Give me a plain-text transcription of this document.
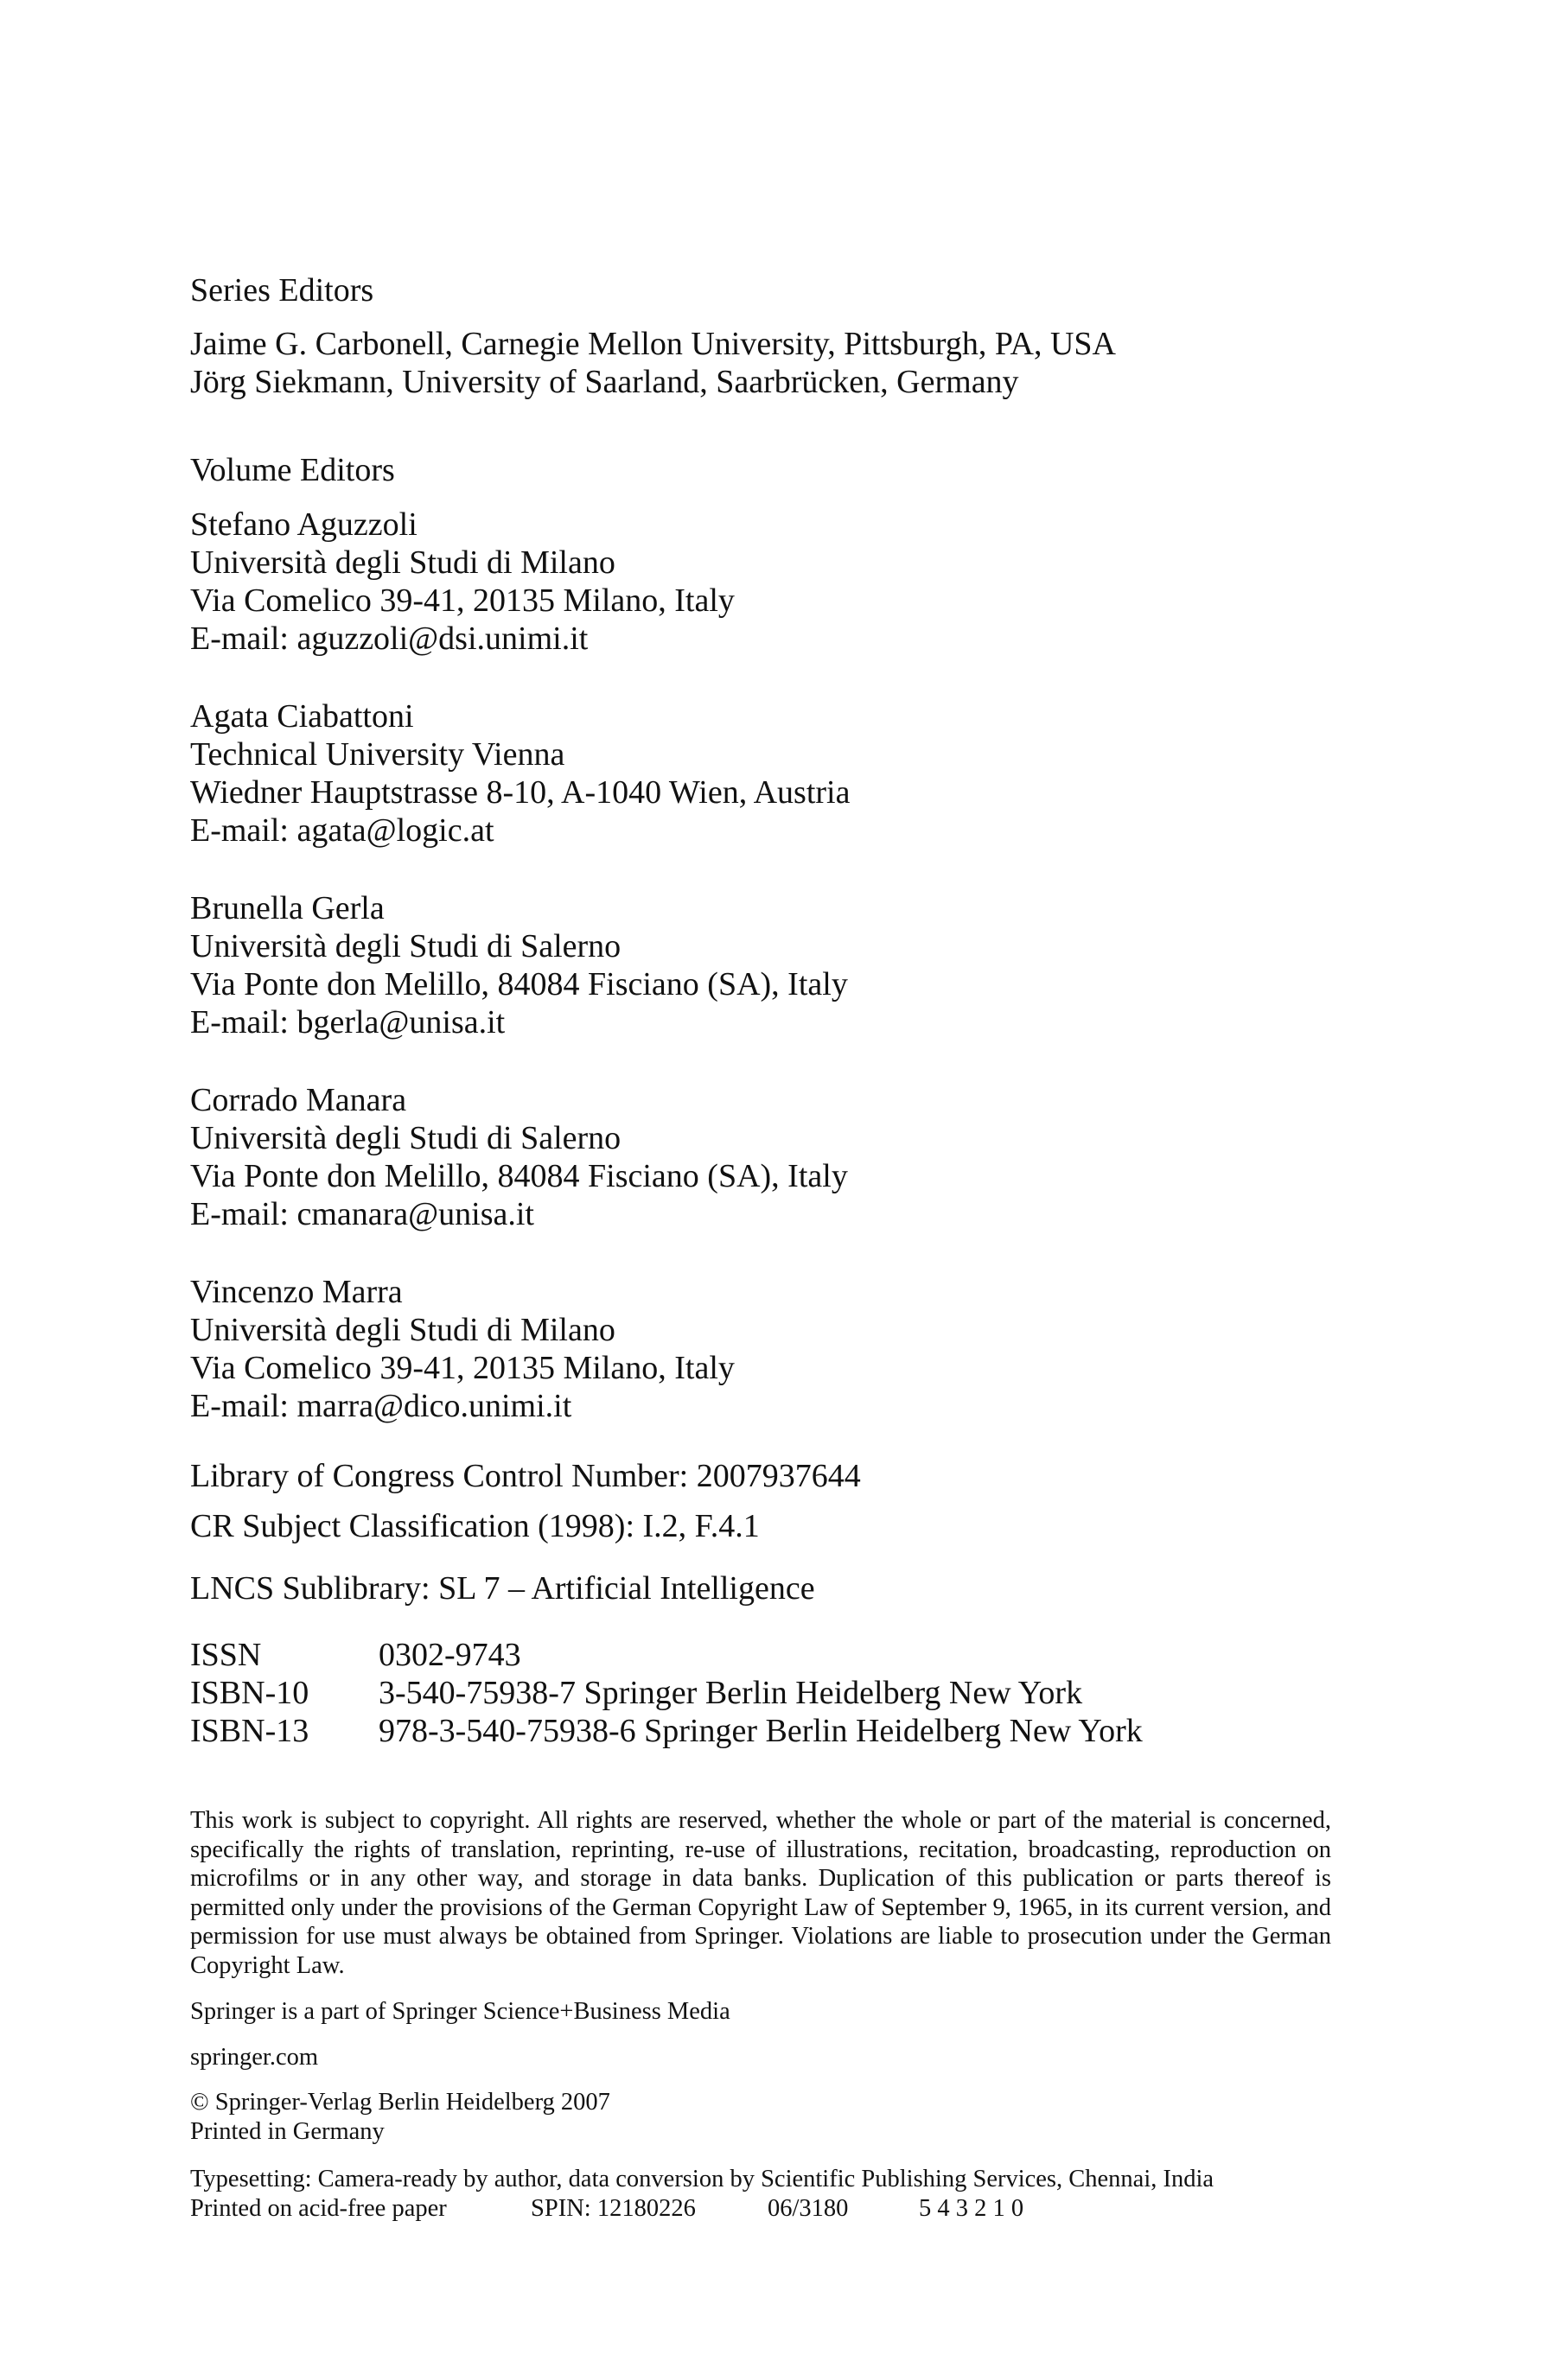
Series Editors
Jaime G. Carbonell, Carnegie Mellon University, Pittsburgh, PA, USA
Jörg Siekmann, University of Saarland, Saarbrücken, Germany
Volume Editors
Stefano Aguzzoli
Università degli Studi di Milano
Via Comelico 39-41, 20135 Milano, Italy
E-mail: aguzzoli@dsi.unimi.it
Agata Ciabattoni
Technical University Vienna
Wiedner Hauptstrasse 8-10, A-1040 Wien, Austria
E-mail: agata@logic.at
Brunella Gerla
Università degli Studi di Salerno
Via Ponte don Melillo, 84084 Fisciano (SA), Italy
E-mail: bgerla@unisa.it
Corrado Manara
Università degli Studi di Salerno
Via Ponte don Melillo, 84084 Fisciano (SA), Italy
E-mail: cmanara@unisa.it
Vincenzo Marra
Università degli Studi di Milano
Via Comelico 39-41, 20135 Milano, Italy
E-mail: marra@dico.unimi.it
Library of Congress Control Number: 2007937644
CR Subject Classification (1998): I.2, F.4.1
LNCS Sublibrary: SL 7 – Artificial Intelligence
ISSN	0302-9743
ISBN-10 3-540-75938-7 Springer Berlin Heidelberg New York
ISBN-13 978-3-540-75938-6 Springer Berlin Heidelberg New York
This work is subject to copyright. All rights are reserved, whether the whole or part of the material is concerned, specifically the rights of translation, reprinting, re-use of illustrations, recitation, broadcasting, reproduction on microfilms or in any other way, and storage in data banks. Duplication of this publication or parts thereof is permitted only under the provisions of the German Copyright Law of September 9, 1965, in its current version, and permission for use must always be obtained from Springer. Violations are liable to prosecution under the German Copyright Law.
Springer is a part of Springer Science+Business Media
springer.com
© Springer-Verlag Berlin Heidelberg 2007
Printed in Germany
Typesetting: Camera-ready by author, data conversion by Scientific Publishing Services, Chennai, India
Printed on acid-free paper	SPIN: 12180226	06/3180	5 4 3 2 1 0
